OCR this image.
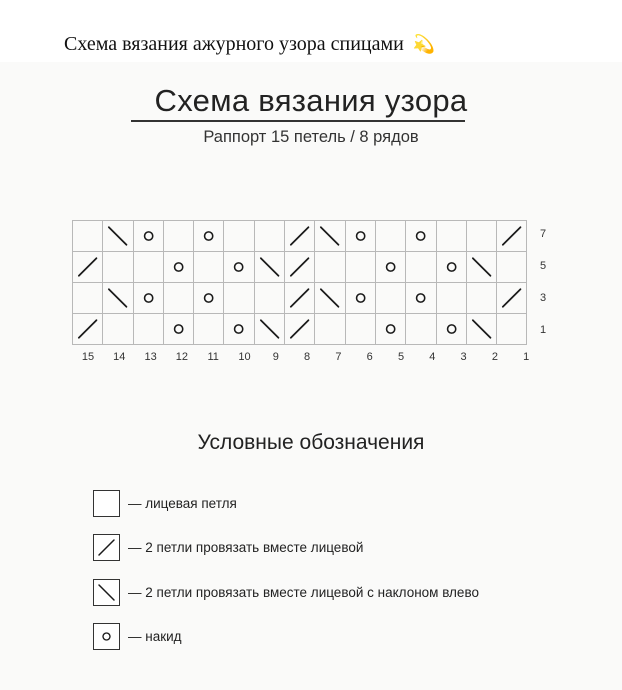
Схема вязания ажурного узора спицами 💫
Схема вязания узора
Раппорт 15 петель / 8 рядов
7
5
3
1
15	14	13	12	11	10	9	8	7	6	5	4	3	2	1
Условные обозначения
— лицевая петля
— 2 петли провязать вместе лицевой
— 2 петли провязать вместе лицевой с наклоном влево
— накид
